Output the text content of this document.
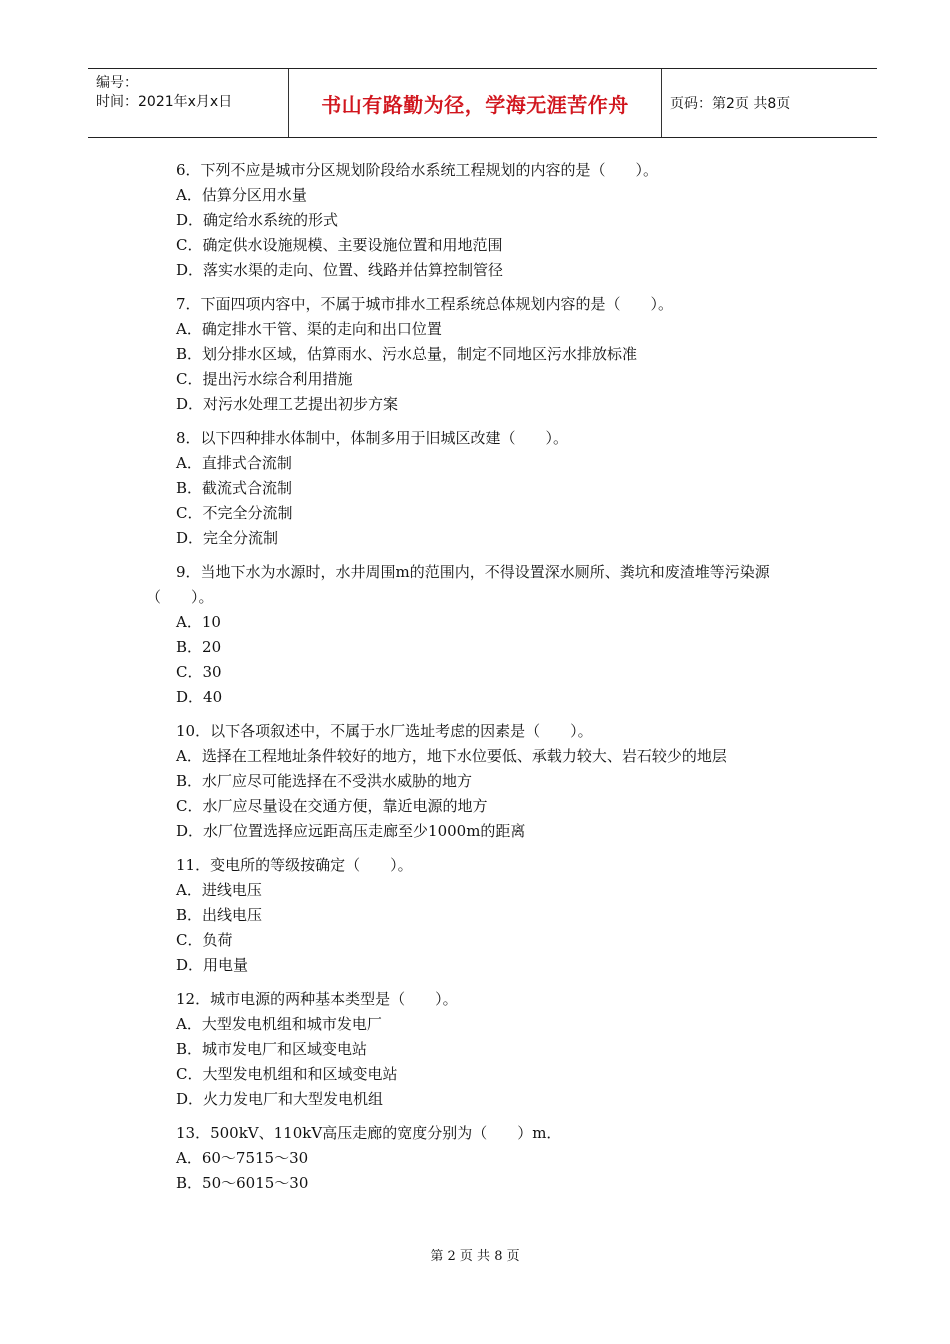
编号：
时间：2021年x月x日	书山有路勤为径，学海无涯苦作舟	页码：第2页 共8页
6．下列不应是城市分区规划阶段给水系统工程规划的内容的是（　　）。
A．估算分区用水量
D．确定给水系统的形式
C．确定供水设施规模、主要设施位置和用地范围
D．落实水渠的走向、位置、线路并估算控制管径
7．下面四项内容中，不属于城市排水工程系统总体规划内容的是（　　）。
A．确定排水干管、渠的走向和出口位置
B．划分排水区域，估算雨水、污水总量，制定不同地区污水排放标准
C．提出污水综合利用措施
D．对污水处理工艺提出初步方案
8．以下四种排水体制中，体制多用于旧城区改建（　　）。
A．直排式合流制
B．截流式合流制
C．不完全分流制
D．完全分流制
9．当地下水为水源时，水井周围m的范围内，不得设置深水厕所、粪坑和废渣堆等污染源（　　）。
A．10
B．20
C．30
D．40
10．以下各项叙述中，不属于水厂选址考虑的因素是（　　）。
A．选择在工程地址条件较好的地方，地下水位要低、承载力较大、岩石较少的地层
B．水厂应尽可能选择在不受洪水威胁的地方
C．水厂应尽量设在交通方便，靠近电源的地方
D．水厂位置选择应远距高压走廊至少1000m的距离
11．变电所的等级按确定（　　）。
A．进线电压
B．出线电压
C．负荷
D．用电量
12．城市电源的两种基本类型是（　　）。
A．大型发电机组和城市发电厂
B．城市发电厂和区域变电站
C．大型发电机组和和区域变电站
D．火力发电厂和大型发电机组
13．500kV、110kV高压走廊的宽度分别为（　　）m．
A．60～7515～30
B．50～6015～30
第 2 页 共 8 页
